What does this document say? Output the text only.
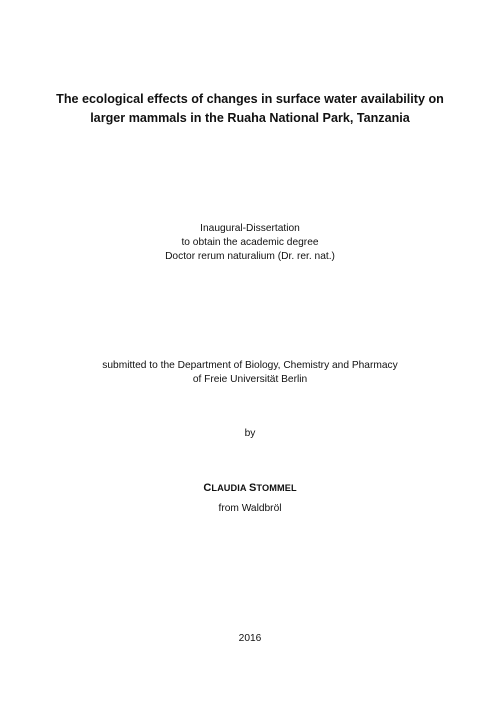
The ecological effects of changes in surface water availability on
larger mammals in the Ruaha National Park, Tanzania
Inaugural-Dissertation
to obtain the academic degree
Doctor rerum naturalium (Dr. rer. nat.)
submitted to the Department of Biology, Chemistry and Pharmacy
of Freie Universität Berlin
by
CLAUDIA STOMMEL
from Waldbröl
2016
